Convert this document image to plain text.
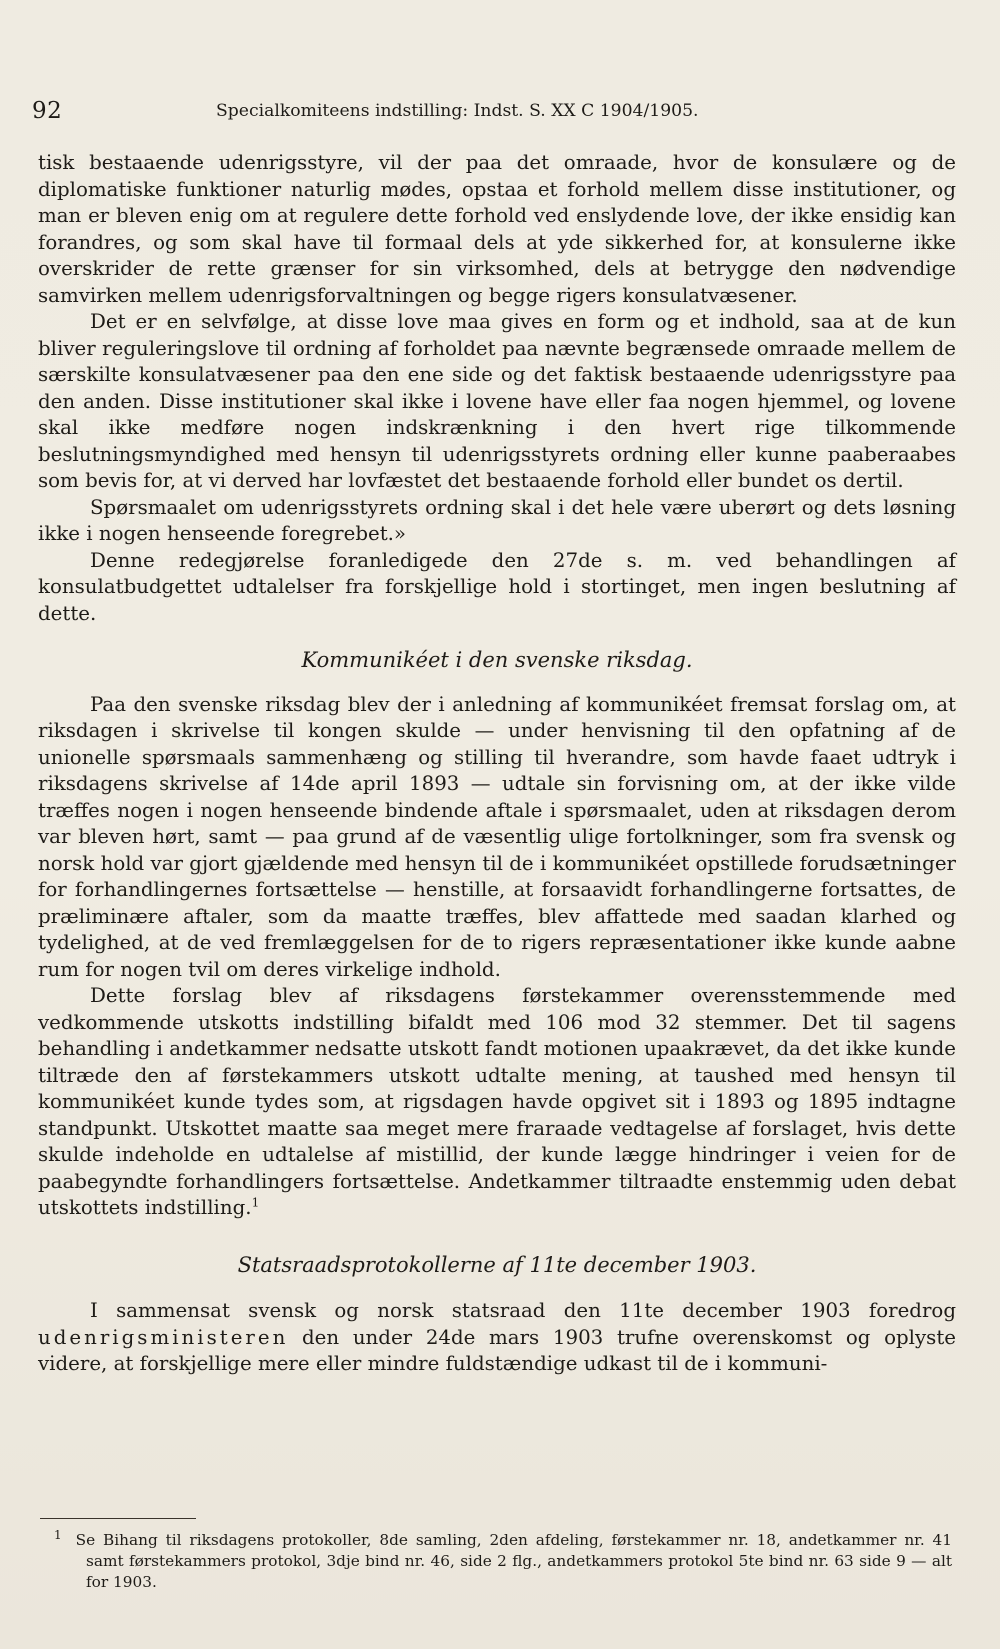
92	Specialkomiteens indstilling: Indst. S. XX C 1904/1905.

tisk bestaaende udenrigsstyre, vil der paa det omraade, hvor de konsulære og de diplomatiske funktioner naturlig mødes, opstaa et forhold mellem disse institutioner, og man er bleven enig om at regulere dette forhold ved enslydende love, der ikke ensidig kan forandres, og som skal have til formaal dels at yde sikkerhed for, at konsulerne ikke overskrider de rette grænser for sin virksomhed, dels at betrygge den nødvendige samvirken mellem udenrigsforvaltningen og begge rigers konsulatvæsener.

Det er en selvfølge, at disse love maa gives en form og et indhold, saa at de kun bliver reguleringslove til ordning af forholdet paa nævnte begrænsede omraade mellem de særskilte konsulatvæsener paa den ene side og det faktisk bestaaende udenrigsstyre paa den anden. Disse institutioner skal ikke i lovene have eller faa nogen hjemmel, og lovene skal ikke medføre nogen indskrænkning i den hvert rige tilkommende beslutningsmyndighed med hensyn til udenrigsstyrets ordning eller kunne paaberaabes som bevis for, at vi derved har lovfæstet det bestaaende forhold eller bundet os dertil.

Spørsmaalet om udenrigsstyrets ordning skal i det hele være uberørt og dets løsning ikke i nogen henseende foregrebet.»

Denne redegjørelse foranledigede den 27de s. m. ved behandlingen af konsulatbudgettet udtalelser fra forskjellige hold i stortinget, men ingen beslutning af dette.

Kommunikéet i den svenske riksdag.

Paa den svenske riksdag blev der i anledning af kommunikéet fremsat forslag om, at riksdagen i skrivelse til kongen skulde — under henvisning til den opfatning af de unionelle spørsmaals sammenhæng og stilling til hverandre, som havde faaet udtryk i riksdagens skrivelse af 14de april 1893 — udtale sin forvisning om, at der ikke vilde træffes nogen i nogen henseende bindende aftale i spørsmaalet, uden at riksdagen derom var bleven hørt, samt — paa grund af de væsentlig ulige fortolkninger, som fra svensk og norsk hold var gjort gjældende med hensyn til de i kommunikéet opstillede forudsætninger for forhandlingernes fortsættelse — henstille, at forsaavidt forhandlingerne fortsattes, de præliminære aftaler, som da maatte træffes, blev affattede med saadan klarhed og tydelighed, at de ved fremlæggelsen for de to rigers repræsentationer ikke kunde aabne rum for nogen tvil om deres virkelige indhold.

Dette forslag blev af riksdagens førstekammer overensstemmende med vedkommende utskotts indstilling bifaldt med 106 mod 32 stemmer. Det til sagens behandling i andetkammer nedsatte utskott fandt motionen upaakrævet, da det ikke kunde tiltræde den af førstekammers utskott udtalte mening, at taushed med hensyn til kommunikéet kunde tydes som, at rigsdagen havde opgivet sit i 1893 og 1895 indtagne standpunkt. Utskottet maatte saa meget mere fraraade vedtagelse af forslaget, hvis dette skulde indeholde en udtalelse af mistillid, der kunde lægge hindringer i veien for de paabegyndte forhandlingers fortsættelse. Andetkammer tiltraadte enstemmig uden debat utskottets indstilling.$^1$

Statsraadsprotokollerne af 11te december 1903.

I sammensat svensk og norsk statsraad den 11te december 1903 foredrog udenrigsministeren den under 24de mars 1903 trufne overenskomst og oplyste videre, at forskjellige mere eller mindre fuldstændige udkast til de i kommuni-

$^1$ Se Bihang til riksdagens protokoller, 8de samling, 2den afdeling, førstekammer nr. 18, andetkammer nr. 41 samt førstekammers protokol, 3dje bind nr. 46, side 2 flg., andetkammers protokol 5te bind nr. 63 side 9 — alt for 1903.
